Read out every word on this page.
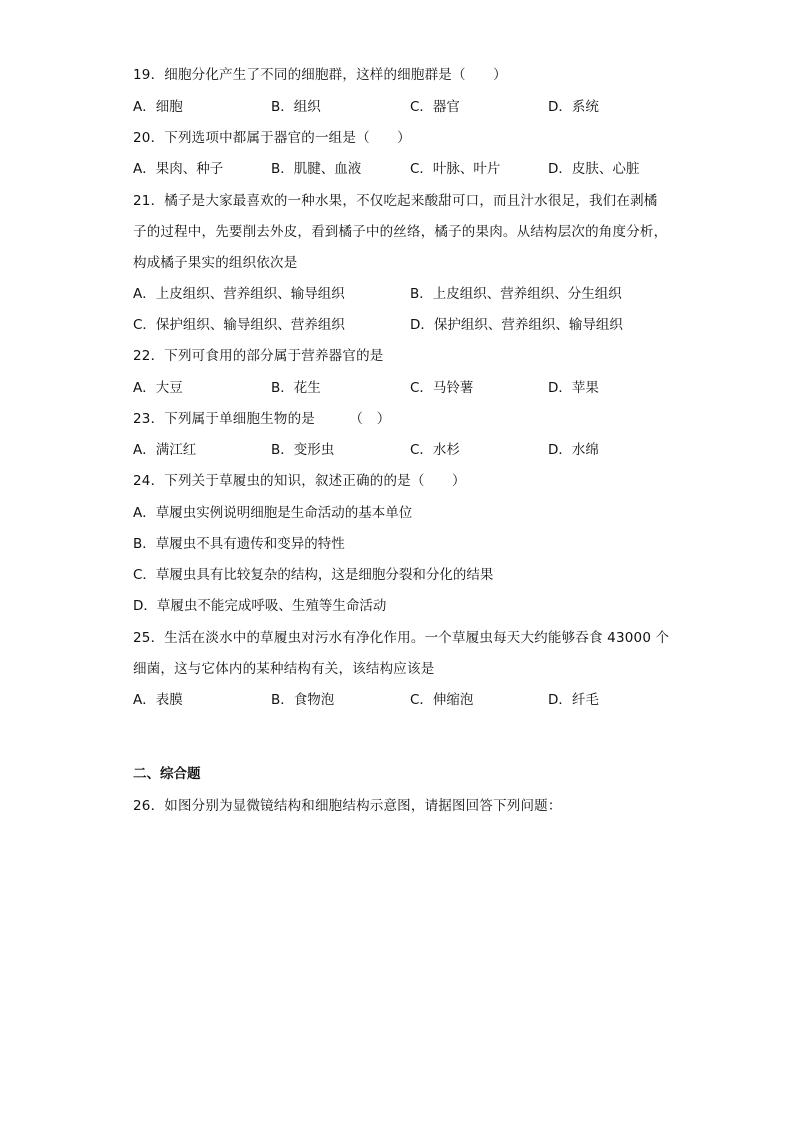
19．细胞分化产生了不同的细胞群，这样的细胞群是（　　）
A．细胞	B．组织	C．器官	D．系统
20．下列选项中都属于器官的一组是（　　）
A．果肉、种子	B．肌腱、血液	C．叶脉、叶片	D．皮肤、心脏
21．橘子是大家最喜欢的一种水果，不仅吃起来酸甜可口，而且汁水很足，我们在剥橘
子的过程中，先要削去外皮，看到橘子中的丝络，橘子的果肉。从结构层次的角度分析，
构成橘子果实的组织依次是
A．上皮组织、营养组织、输导组织	B．上皮组织、营养组织、分生组织
C．保护组织、输导组织、营养组织	D．保护组织、营养组织、输导组织
22．下列可食用的部分属于营养器官的是
A．大豆	B．花生	C．马铃薯	D．苹果
23．下列属于单细胞生物的是　　　（　）
A．满江红	B．变形虫	C．水杉	D．水绵
24．下列关于草履虫的知识，叙述正确的的是（　　）
A．草履虫实例说明细胞是生命活动的基本单位
B．草履虫不具有遗传和变异的特性
C．草履虫具有比较复杂的结构，这是细胞分裂和分化的结果
D．草履虫不能完成呼吸、生殖等生命活动
25．生活在淡水中的草履虫对污水有净化作用。一个草履虫每天大约能够吞食 43000 个
细菌，这与它体内的某种结构有关，该结构应该是
A．表膜	B．食物泡	C．伸缩泡	D．纤毛
二、综合题
26．如图分别为显微镜结构和细胞结构示意图，请据图回答下列问题：
